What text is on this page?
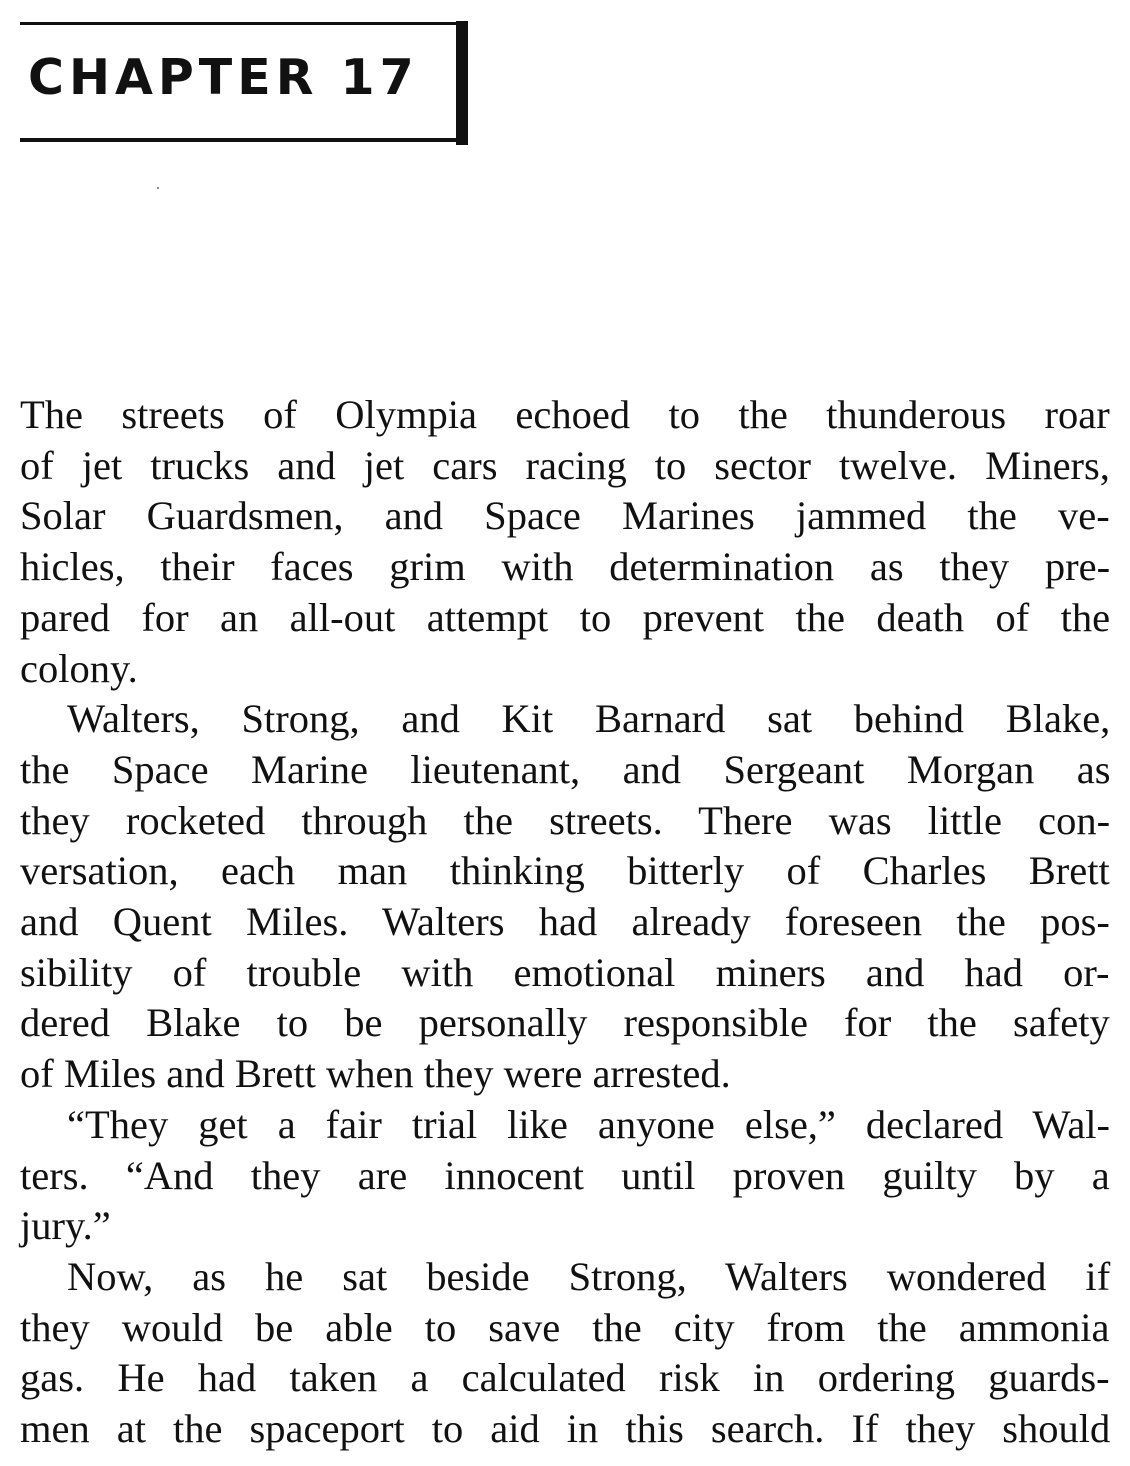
CHAPTER 17

The streets of Olympia echoed to the thunderous roar
of jet trucks and jet cars racing to sector twelve. Miners,
Solar Guardsmen, and Space Marines jammed the ve-
hicles, their faces grim with determination as they pre-
pared for an all-out attempt to prevent the death of the
colony.

Walters, Strong, and Kit Barnard sat behind Blake,
the Space Marine lieutenant, and Sergeant Morgan as
they rocketed through the streets. There was little con-
versation, each man thinking bitterly of Charles Brett
and Quent Miles. Walters had already foreseen the pos-
sibility of trouble with emotional miners and had or-
dered Blake to be personally responsible for the safety
of Miles and Brett when they were arrested.

“They get a fair trial like anyone else,” declared Wal-
ters. “And they are innocent until proven guilty by a
jury.”

Now, as he sat beside Strong, Walters wondered if
they would be able to save the city from the ammonia
gas. He had taken a calculated risk in ordering guards-
men at the spaceport to aid in this search. If they should
